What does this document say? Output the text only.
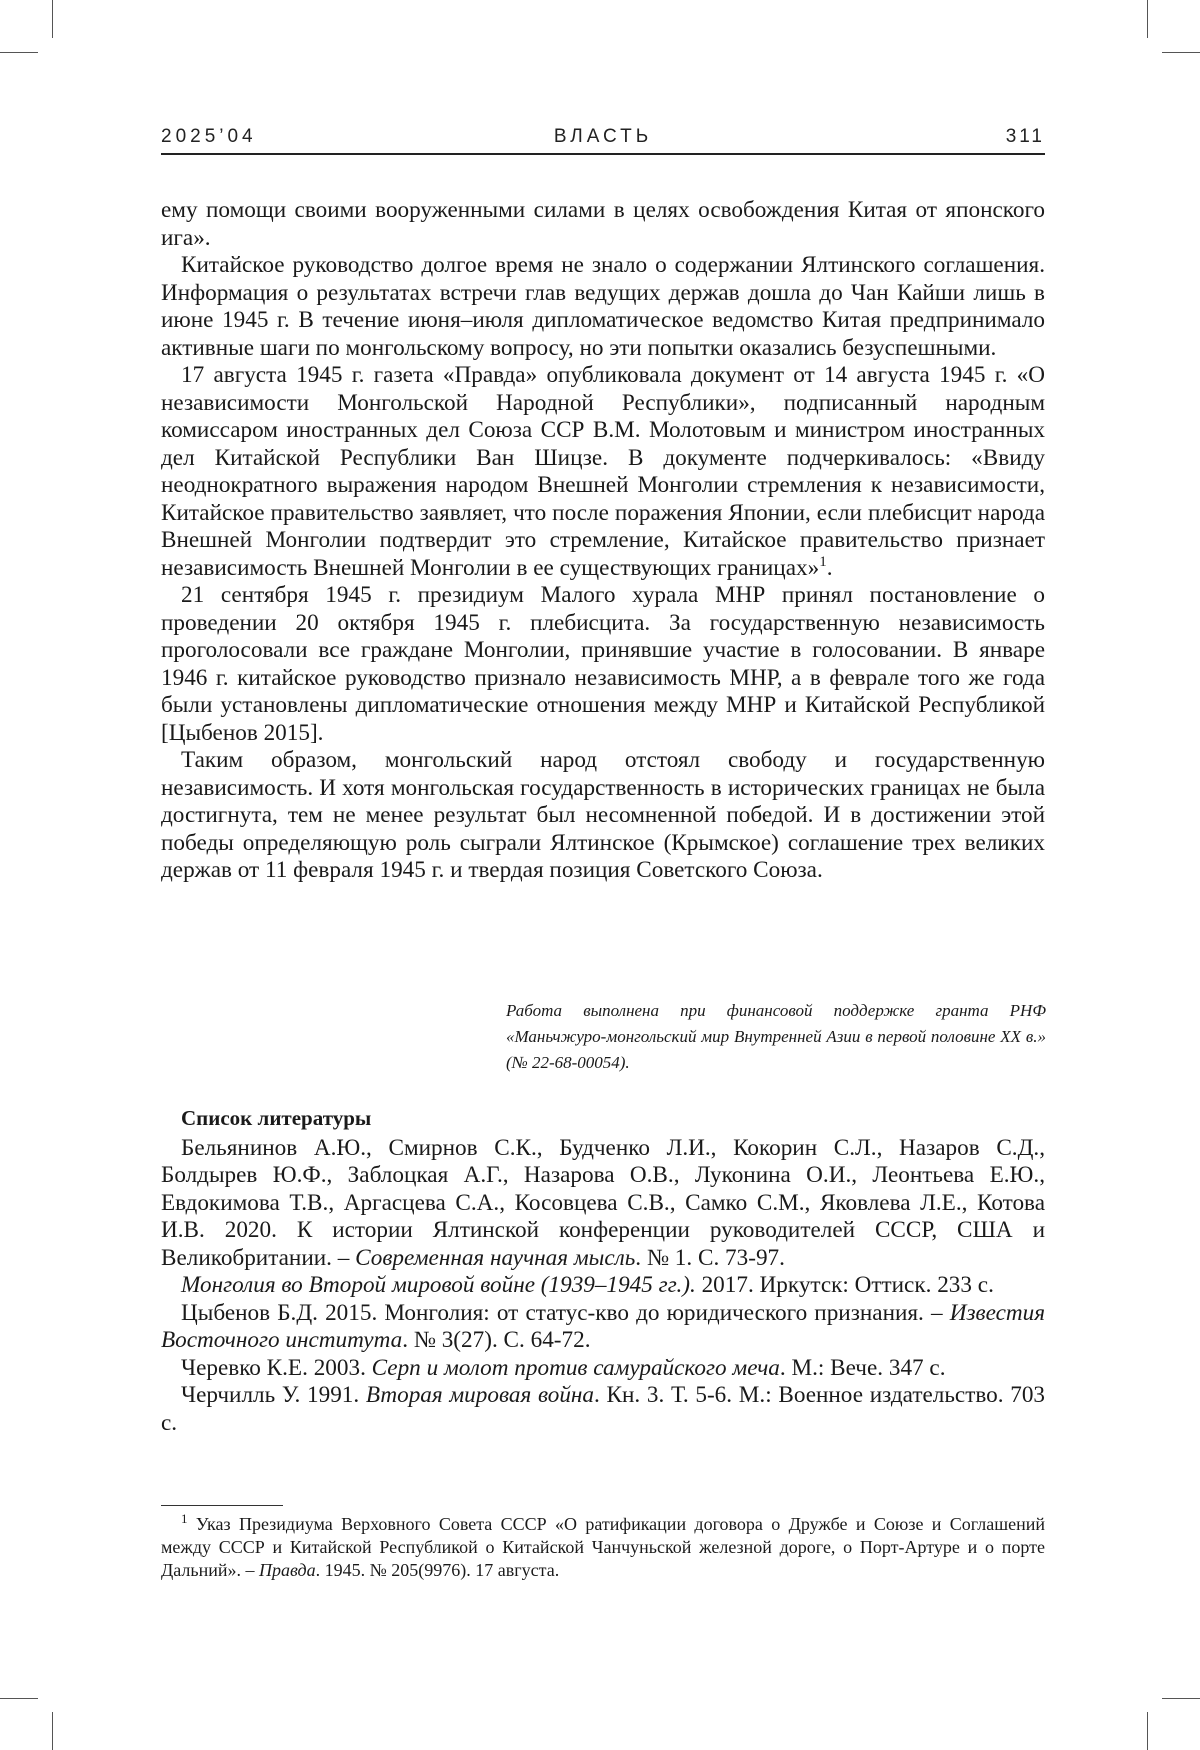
2025’04	ВЛАСТЬ	311

ему помощи своими вооруженными силами в целях освобождения Китая от японского ига».

Китайское руководство долгое время не знало о содержании Ялтинского соглашения. Информация о результатах встречи глав ведущих держав дошла до Чан Кайши лишь в июне 1945 г. В течение июня–июля дипломатическое ведомство Китая предпринимало активные шаги по монгольскому вопросу, но эти попытки оказались безуспешными.

17 августа 1945 г. газета «Правда» опубликовала документ от 14 августа 1945 г. «О независимости Монгольской Народной Республики», подписанный народным комиссаром иностранных дел Союза ССР В.М. Молотовым и министром иностранных дел Китайской Республики Ван Шицзе. В документе подчеркивалось: «Ввиду неоднократного выражения народом Внешней Монголии стремления к независимости, Китайское правительство заявляет, что после поражения Японии, если плебисцит народа Внешней Монголии подтвердит это стремление, Китайское правительство признает независимость Внешней Монголии в ее существующих границах»1.

21 сентября 1945 г. президиум Малого хурала МНР принял постановление о проведении 20 октября 1945 г. плебисцита. За государственную независимость проголосовали все граждане Монголии, принявшие участие в голосовании. В январе 1946 г. китайское руководство признало независимость МНР, а в феврале того же года были установлены дипломатические отношения между МНР и Китайской Республикой [Цыбенов 2015].

Таким образом, монгольский народ отстоял свободу и государственную независимость. И хотя монгольская государственность в исторических границах не была достигнута, тем не менее результат был несомненной победой. И в достижении этой победы определяющую роль сыграли Ялтинское (Крымское) соглашение трех великих держав от 11 февраля 1945 г. и твердая позиция Советского Союза.

Работа выполнена при финансовой поддержке гранта РНФ «Маньчжуро-монгольский мир Внутренней Азии в первой половине ХХ в.» (№ 22-68-00054).
Список литературы

Бельянинов А.Ю., Смирнов С.К., Будченко Л.И., Кокорин С.Л., Назаров С.Д., Болдырев Ю.Ф., Заблоцкая А.Г., Назарова О.В., Луконина О.И., Леонтьева Е.Ю., Евдокимова Т.В., Аргасцева С.А., Косовцева С.В., Самко С.М., Яковлева Л.Е., Котова И.В. 2020. К истории Ялтинской конференции руководителей СССР, США и Великобритании. – Современная научная мысль. № 1. С. 73-97.

Монголия во Второй мировой войне (1939–1945 гг.). 2017. Иркутск: Оттиск. 233 с.

Цыбенов Б.Д. 2015. Монголия: от статус-кво до юридического признания. – Известия Восточного института. № 3(27). С. 64-72.

Черевко К.Е. 2003. Серп и молот против самурайского меча. М.: Вече. 347 с.

Черчилль У. 1991. Вторая мировая война. Кн. 3. Т. 5-6. М.: Военное издательство. 703 с.

1 Указ Президиума Верховного Совета СССР «О ратификации договора о Дружбе и Союзе и Соглашений между СССР и Китайской Республикой о Китайской Чанчуньской железной дороге, о Порт-Артуре и о порте Дальний». – Правда. 1945. № 205(9976). 17 августа.
